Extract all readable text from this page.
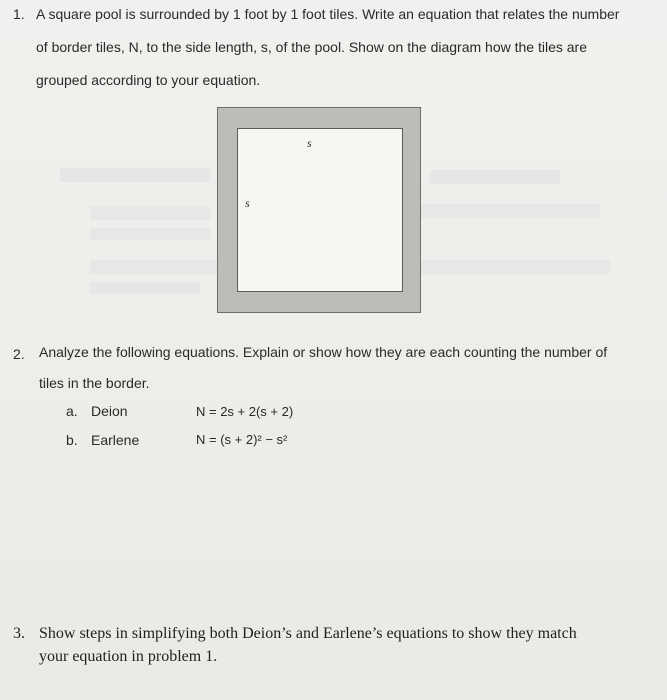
1. A square pool is surrounded by 1 foot by 1 foot tiles. Write an equation that relates the number
of border tiles, N, to the side length, s, of the pool. Show on the diagram how the tiles are
grouped according to your equation.
s
s
2. Analyze the following equations. Explain or show how they are each counting the number of
tiles in the border.
a. Deion	N = 2s + 2(s + 2)
b. Earlene	N = (s + 2)² − s²
3. Show steps in simplifying both Deion’s and Earlene’s equations to show they match
your equation in problem 1.
